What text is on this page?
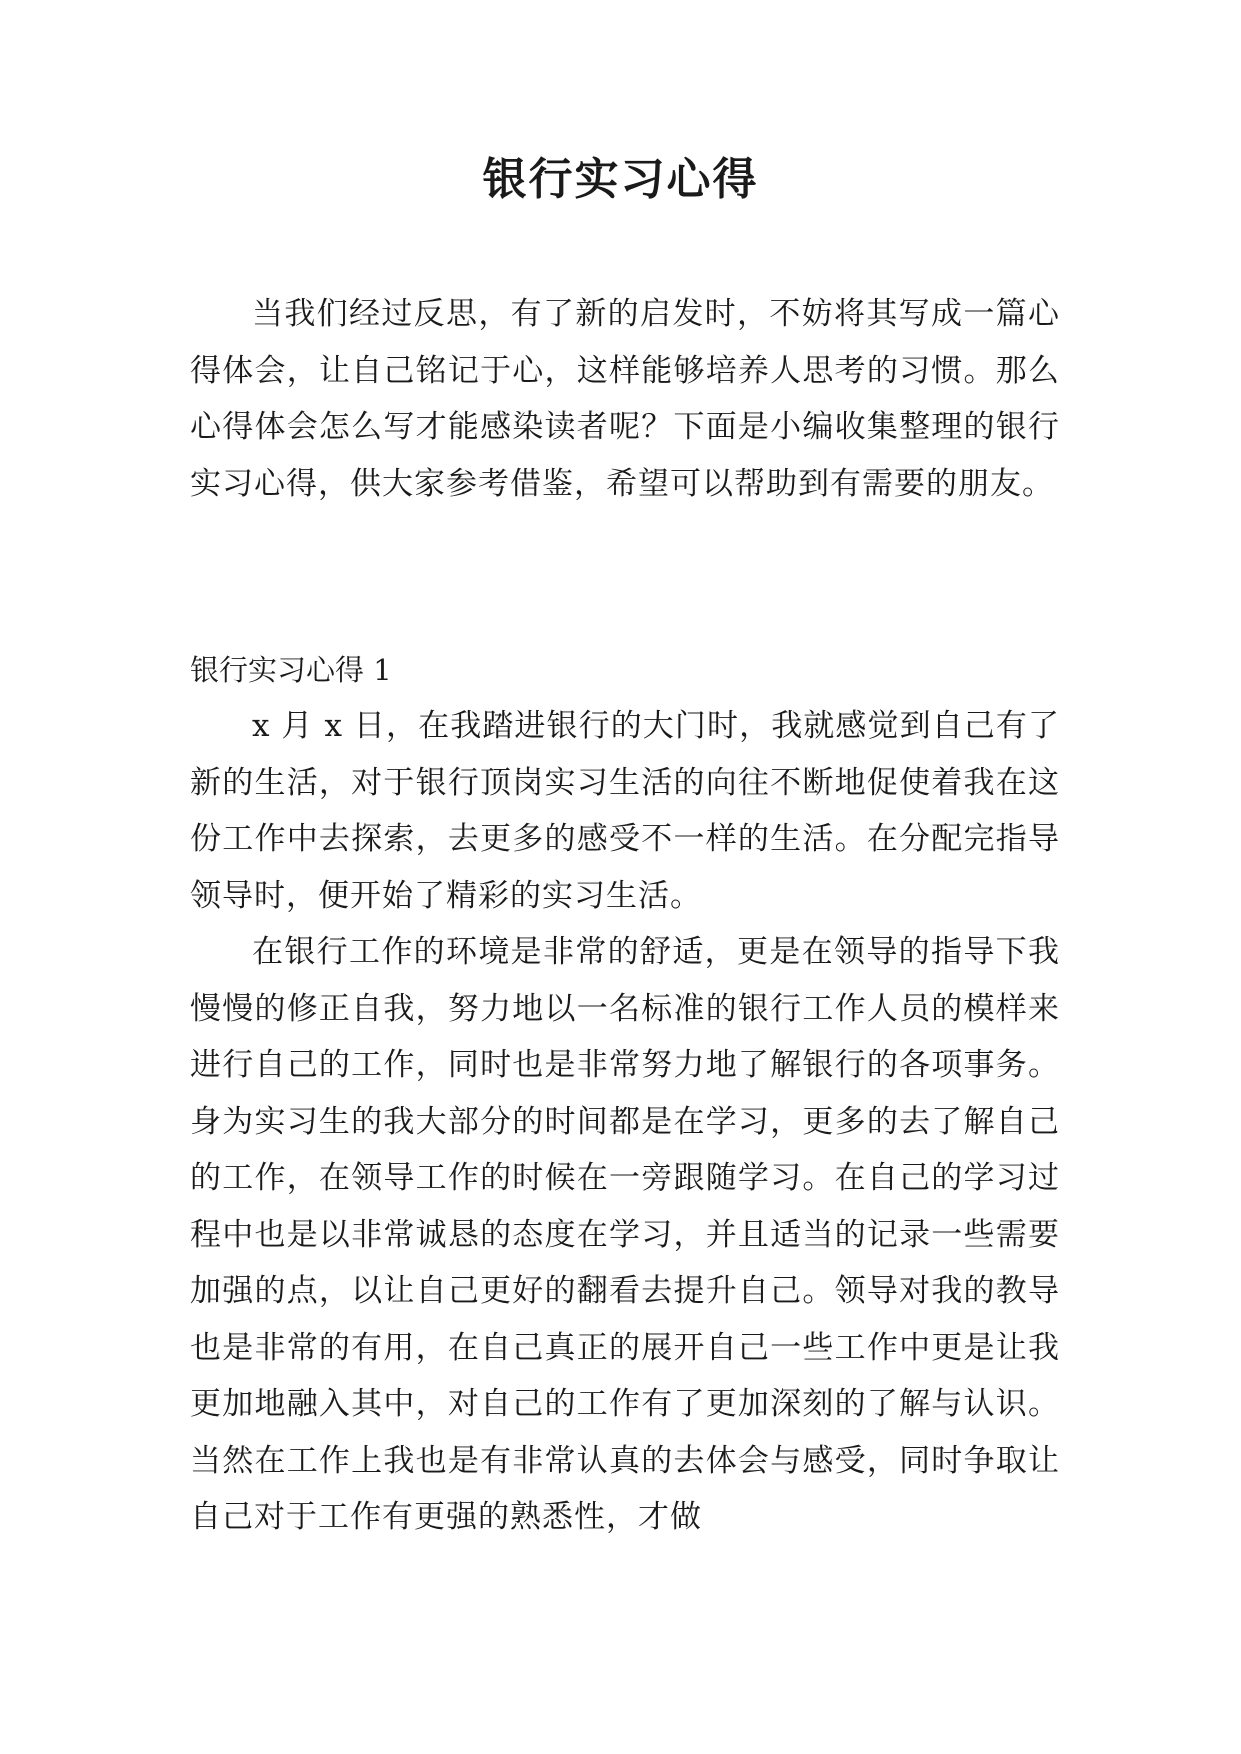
银行实习心得

当我们经过反思，有了新的启发时，不妨将其写成一篇心得体会，让自己铭记于心，这样能够培养人思考的习惯。那么心得体会怎么写才能感染读者呢？下面是小编收集整理的银行实习心得，供大家参考借鉴，希望可以帮助到有需要的朋友。

银行实习心得 1

x 月 x 日，在我踏进银行的大门时，我就感觉到自己有了新的生活，对于银行顶岗实习生活的向往不断地促使着我在这份工作中去探索，去更多的感受不一样的生活。在分配完指导领导时，便开始了精彩的实习生活。

在银行工作的环境是非常的舒适，更是在领导的指导下我慢慢的修正自我，努力地以一名标准的银行工作人员的模样来进行自己的工作，同时也是非常努力地了解银行的各项事务。身为实习生的我大部分的时间都是在学习，更多的去了解自己的工作，在领导工作的时候在一旁跟随学习。在自己的学习过程中也是以非常诚恳的态度在学习，并且适当的记录一些需要加强的点，以让自己更好的翻看去提升自己。领导对我的教导也是非常的有用，在自己真正的展开自己一些工作中更是让我更加地融入其中，对自己的工作有了更加深刻的了解与认识。当然在工作上我也是有非常认真的去体会与感受，同时争取让自己对于工作有更强的熟悉性，才做
